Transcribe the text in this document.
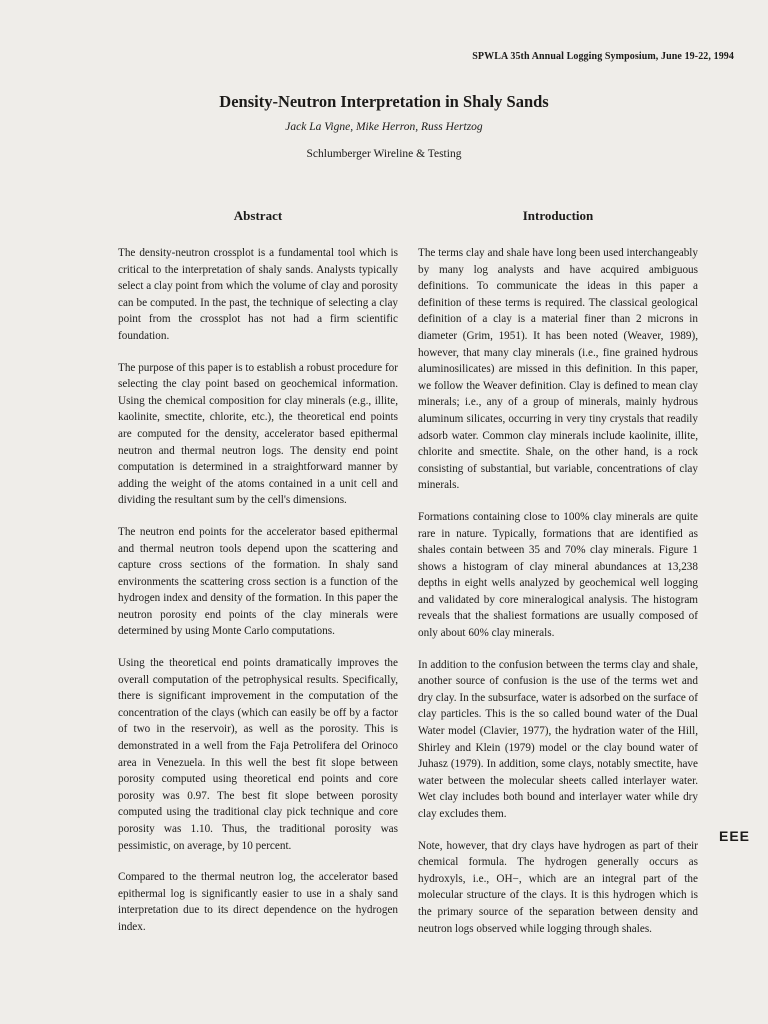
SPWLA 35th Annual Logging Symposium, June 19-22, 1994
Density-Neutron Interpretation in Shaly Sands
Jack La Vigne, Mike Herron, Russ Hertzog
Schlumberger Wireline & Testing
Abstract	Introduction

The density-neutron crossplot is a fundamental tool which is critical to the interpretation of shaly sands. Analysts typically select a clay point from which the volume of clay and porosity can be computed. In the past, the technique of selecting a clay point from the crossplot has not had a firm scientific foundation.

The purpose of this paper is to establish a robust procedure for selecting the clay point based on geochemical information. Using the chemical composition for clay minerals (e.g., illite, kaolinite, smectite, chlorite, etc.), the theoretical end points are computed for the density, accelerator based epithermal neutron and thermal neutron logs. The density end point computation is determined in a straightforward manner by adding the weight of the atoms contained in a unit cell and dividing the resultant sum by the cell's dimensions.

The neutron end points for the accelerator based epithermal and thermal neutron tools depend upon the scattering and capture cross sections of the formation. In shaly sand environments the scattering cross section is a function of the hydrogen index and density of the formation. In this paper the neutron porosity end points of the clay minerals were determined by using Monte Carlo computations.

Using the theoretical end points dramatically improves the overall computation of the petrophysical results. Specifically, there is significant improvement in the computation of the concentration of the clays (which can easily be off by a factor of two in the reservoir), as well as the porosity. This is demonstrated in a well from the Faja Petrolifera del Orinoco area in Venezuela. In this well the best fit slope between porosity computed using theoretical end points and core porosity was 0.97. The best fit slope between porosity computed using the traditional clay pick technique and core porosity was 1.10. Thus, the traditional porosity was pessimistic, on average, by 10 percent.

Compared to the thermal neutron log, the accelerator based epithermal log is significantly easier to use in a shaly sand interpretation due to its direct dependence on the hydrogen index.

The terms clay and shale have long been used interchangeably by many log analysts and have acquired ambiguous definitions. To communicate the ideas in this paper a definition of these terms is required. The classical geological definition of a clay is a material finer than 2 microns in diameter (Grim, 1951). It has been noted (Weaver, 1989), however, that many clay minerals (i.e., fine grained hydrous aluminosilicates) are missed in this definition. In this paper, we follow the Weaver definition. Clay is defined to mean clay minerals; i.e., any of a group of minerals, mainly hydrous aluminum silicates, occurring in very tiny crystals that readily adsorb water. Common clay minerals include kaolinite, illite, chlorite and smectite. Shale, on the other hand, is a rock consisting of substantial, but variable, concentrations of clay minerals.

Formations containing close to 100% clay minerals are quite rare in nature. Typically, formations that are identified as shales contain between 35 and 70% clay minerals. Figure 1 shows a histogram of clay mineral abundances at 13,238 depths in eight wells analyzed by geochemical well logging and validated by core mineralogical analysis. The histogram reveals that the shaliest formations are usually composed of only about 60% clay minerals.

In addition to the confusion between the terms clay and shale, another source of confusion is the use of the terms wet and dry clay. In the subsurface, water is adsorbed on the surface of clay particles. This is the so called bound water of the Dual Water model (Clavier, 1977), the hydration water of the Hill, Shirley and Klein (1979) model or the clay bound water of Juhasz (1979). In addition, some clays, notably smectite, have water between the molecular sheets called interlayer water. Wet clay includes both bound and interlayer water while dry clay excludes them.

Note, however, that dry clays have hydrogen as part of their chemical formula. The hydrogen generally occurs as hydroxyls, i.e., OH−, which are an integral part of the molecular structure of the clays. It is this hydrogen which is the primary source of the separation between density and neutron logs observed while logging through shales.

EEE
